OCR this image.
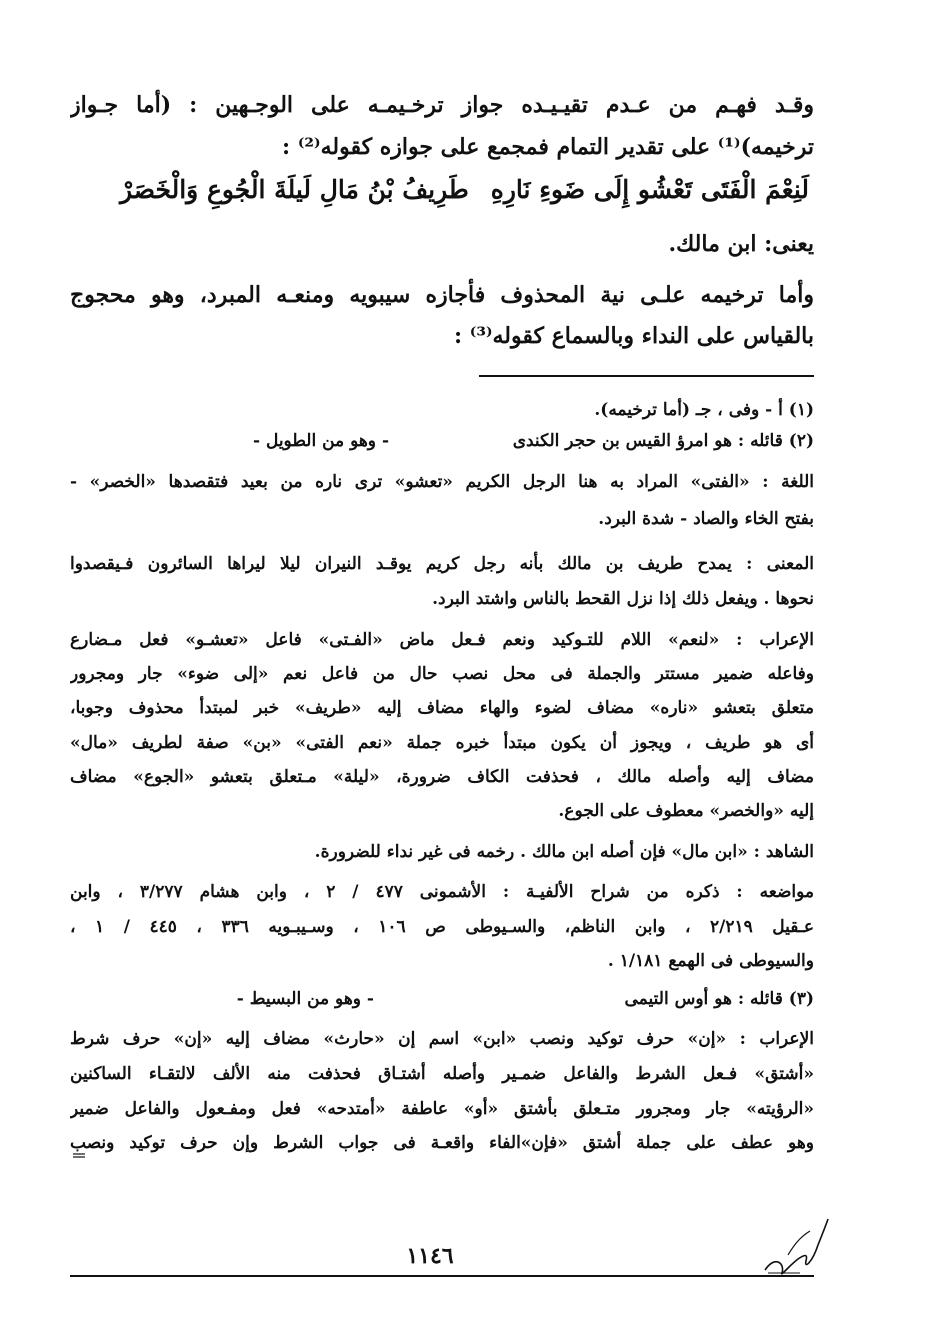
وقـد فهـم من عـدم تقيـيـده جواز ترخـيمـه على الوجـهين : (أما جـواز
ترخيمه)⁽¹⁾ على تقدير التمام فمجمع على جوازه كقوله⁽²⁾ :
لَنِعْمَ الْفَتَى تَعْشُو إِلَى ضَوءِ نَارِهِ
طَرِيفُ بْنُ مَالِ لَيلَةَ الْجُوعِ وَالْخَصَرْ
يعنى: ابن مالك.
وأما ترخيمه علـى نية المحذوف فأجازه سيبويه ومنعـه المبرد، وهو محجوج
بالقياس على النداء وبالسماع كقوله⁽³⁾ :
(١) أ - وفى ، جـ (أما ترخيمه).
(٢) قائله : هو امرؤ القيس بن حجر الكندى
- وهو من الطويل -
اللغة : «الفتى» المراد به هنا الرجل الكريم «تعشو» ترى ناره من بعيد فتقصدها «الخصر» -
بفتح الخاء والصاد - شدة البرد.
المعنى : يمدح طريف بن مالك بأنه رجل كريم يوقـد النيران ليلا ليراها السائرون فـيقصدوا
نحوها . ويفعل ذلك إذا نزل القحط بالناس واشتد البرد.
الإعراب : «لنعم» اللام للتـوكيد ونعم فـعل ماض «الفـتى» فاعل «تعشـو» فعل مـضارع
وفاعله ضمير مستتر والجملة فى محل نصب حال من فاعل نعم «إلى ضوء» جار ومجرور
متعلق بتعشو «ناره» مضاف لضوء والهاء مضاف إليه «طريف» خبر لمبتدأ محذوف وجوبا،
أى هو طريف ، ويجوز أن يكون مبتدأ خبره جملة «نعم الفتى» «بن» صفة لطريف «مال»
مضاف إليه وأصله مالك ، فحذفت الكاف ضرورة، «ليلة» مـتعلق بتعشو «الجوع» مضاف
إليه «والخصر» معطوف على الجوع.
الشاهد : «ابن مال» فإن أصله ابن مالك . رخمه فى غير نداء للضرورة.
مواضعه : ذكره من شراح الألفيـة : الأشمونى ٤٧٧ / ٢ ، وابن هشام ٣/٢٧٧ ، وابن
عـقيل ٢/٢١٩ ، وابن الناظم، والسـيوطى ص ١٠٦ ، وسـيبـويه ٣٣٦ ، ٤٤٥ / ١ ،
والسيوطى فى الهمع ١/١٨١ .
(٣) قائله : هو أوس التيمى
- وهو من البسيط -
الإعراب : «إن» حرف توكيد ونصب «ابن» اسم إن «حارث» مضاف إليه «إن» حرف شرط
«أشتق» فـعل الشرط والفاعل ضمـير وأصله أشتـاق فحذفت منه الألف لالتقـاء الساكنين
«الرؤيته» جار ومجرور متـعلق بأشتق «أو» عاطفة «أمتدحه» فعل ومفـعول والفاعل ضمير
وهو عطف على جملة أشتق «فإن»الفاء واقعـة فى جواب الشرط وإن حرف توكيد ونصب
١١٤٦
